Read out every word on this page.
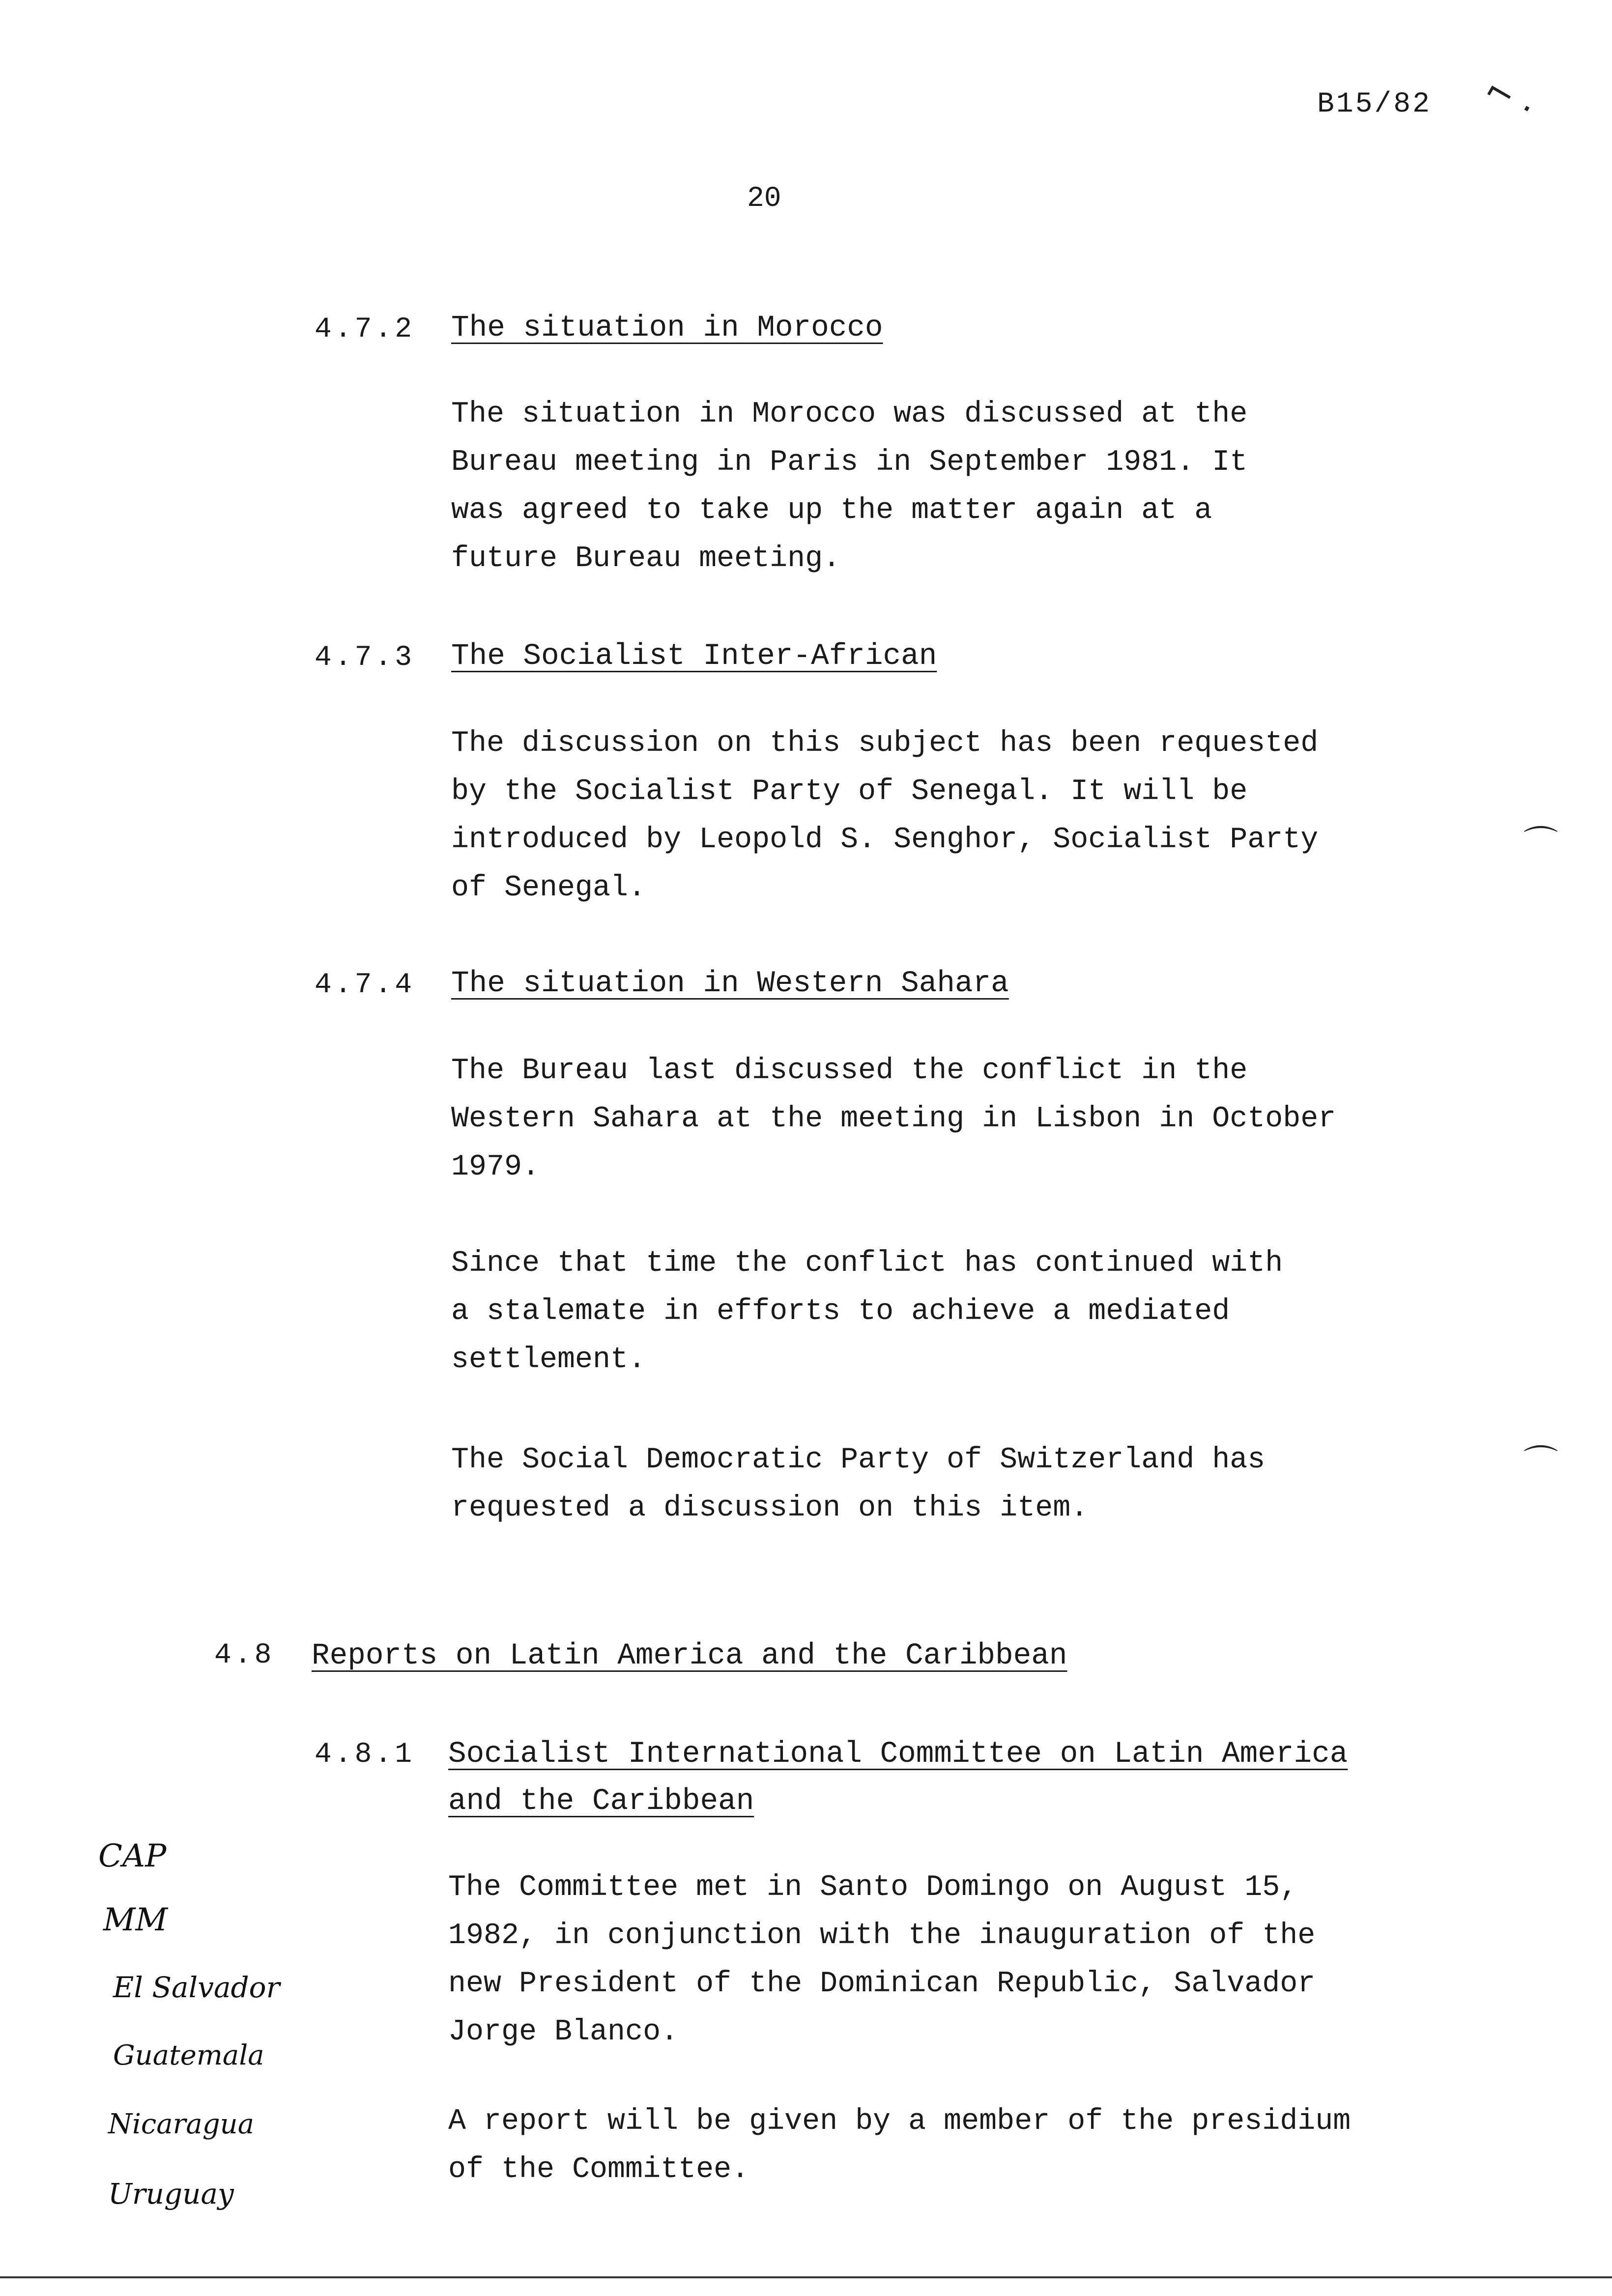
B15/82 ⌐ ·
20
4.7.2 The situation in Morocco

The situation in Morocco was discussed at the
Bureau meeting in Paris in September 1981. It
was agreed to take up the matter again at a
future Bureau meeting.

4.7.3 The Socialist Inter-African

The discussion on this subject has been requested
by the Socialist Party of Senegal. It will be
introduced by Leopold S. Senghor, Socialist Party
of Senegal.

⌒
4.7.4 The situation in Western Sahara

The Bureau last discussed the conflict in the
Western Sahara at the meeting in Lisbon in October
1979.

Since that time the conflict has continued with
a stalemate in efforts to achieve a mediated
settlement.

The Social Democratic Party of Switzerland has
requested a discussion on this item.

⌒
4.8 Reports on Latin America and the Caribbean
4.8.1 Socialist International Committee on Latin America
and the Caribbean

The Committee met in Santo Domingo on August 15,
1982, in conjunction with the inauguration of the
new President of the Dominican Republic, Salvador
Jorge Blanco.

A report will be given by a member of the presidium
of the Committee.

CAP
MM
El Salvador
Guatemala
Nicaragua
Uruguay
